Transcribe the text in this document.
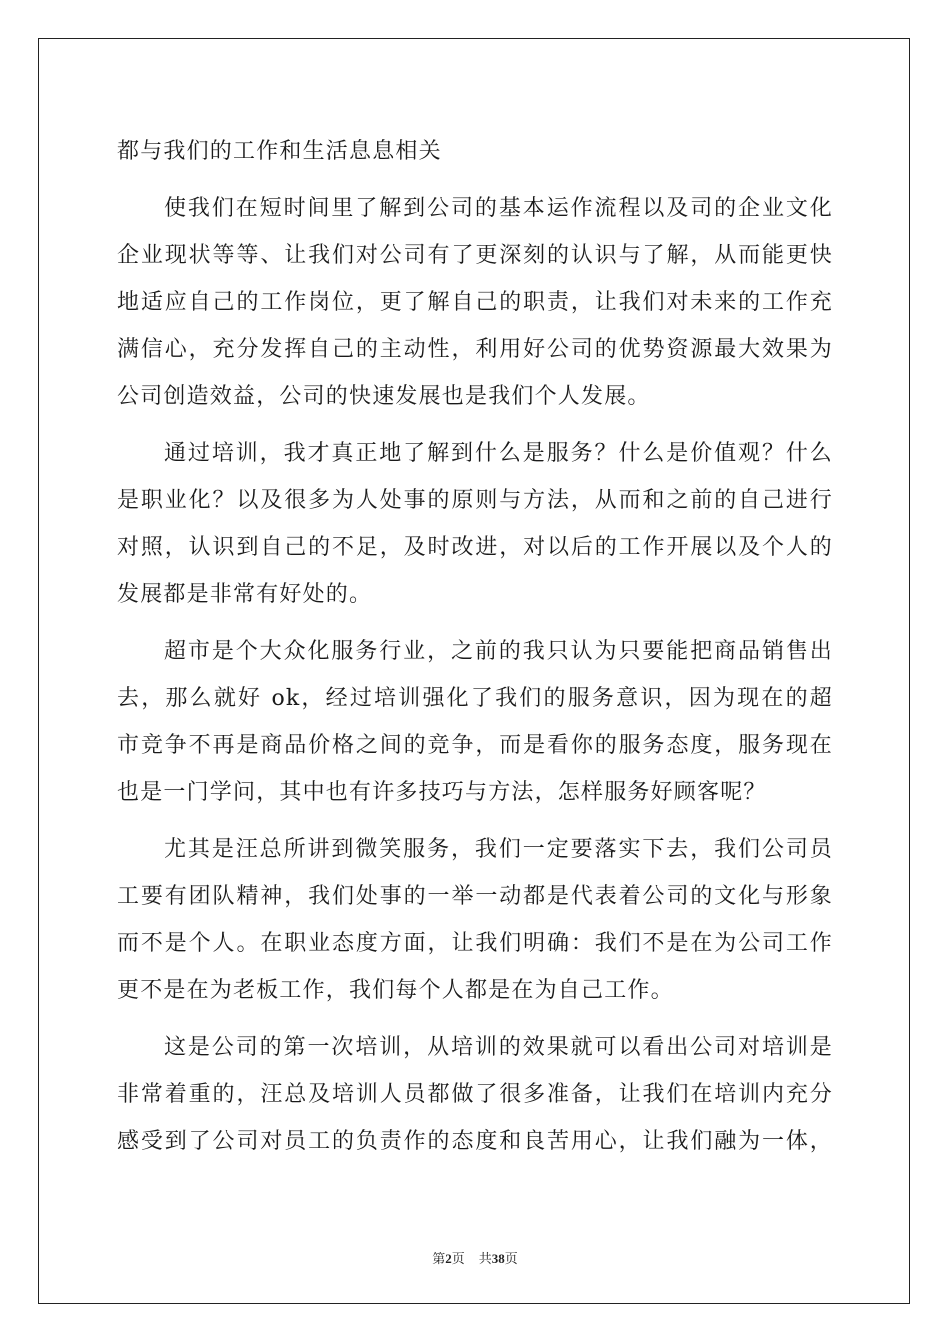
都与我们的工作和生活息息相关
使我们在短时间里了解到公司的基本运作流程以及司的企业文化
企业现状等等、让我们对公司有了更深刻的认识与了解，从而能更快
地适应自己的工作岗位，更了解自己的职责，让我们对未来的工作充
满信心，充分发挥自己的主动性，利用好公司的优势资源最大效果为
公司创造效益，公司的快速发展也是我们个人发展。
通过培训，我才真正地了解到什么是服务？什么是价值观？什么
是职业化？以及很多为人处事的原则与方法，从而和之前的自己进行
对照，认识到自己的不足，及时改进，对以后的工作开展以及个人的
发展都是非常有好处的。
超市是个大众化服务行业，之前的我只认为只要能把商品销售出
去，那么就好 ok，经过培训强化了我们的服务意识，因为现在的超
市竞争不再是商品价格之间的竞争，而是看你的服务态度，服务现在
也是一门学问，其中也有许多技巧与方法，怎样服务好顾客呢？
尤其是汪总所讲到微笑服务，我们一定要落实下去，我们公司员
工要有团队精神，我们处事的一举一动都是代表着公司的文化与形象
而不是个人。在职业态度方面，让我们明确：我们不是在为公司工作
更不是在为老板工作，我们每个人都是在为自己工作。
这是公司的第一次培训，从培训的效果就可以看出公司对培训是
非常着重的，汪总及培训人员都做了很多准备，让我们在培训内充分
感受到了公司对员工的负责作的态度和良苦用心，让我们融为一体，
第2页 共38页
